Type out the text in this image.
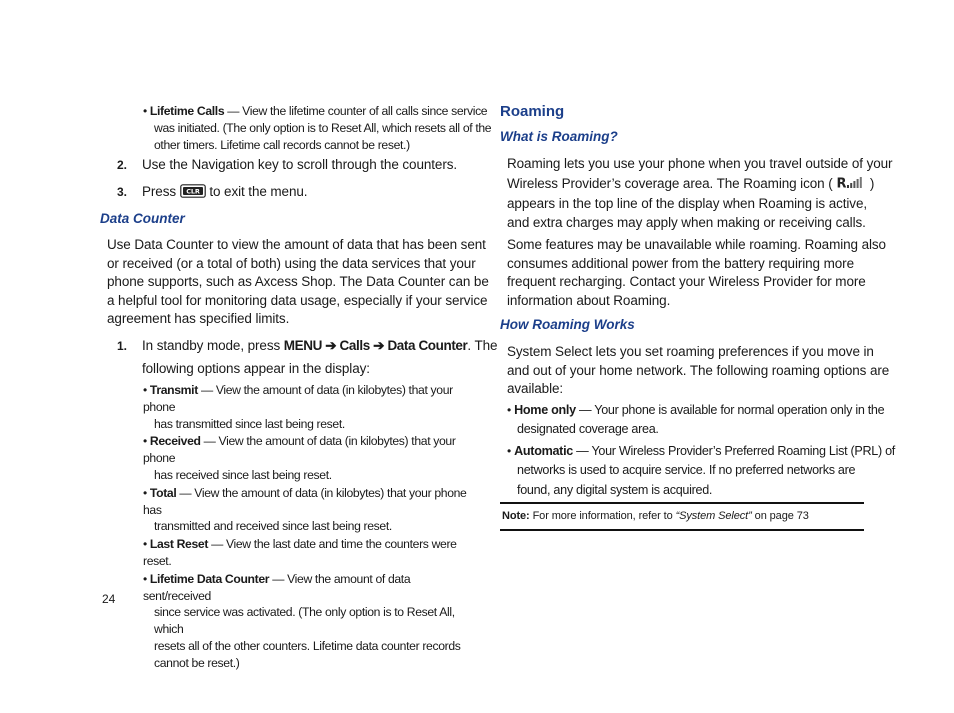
• Lifetime Calls — View the lifetime counter of all calls since service
was initiated. (The only option is to Reset All, which resets all of the
other timers. Lifetime call records cannot be reset.)
2. Use the Navigation key to scroll through the counters.
3. Press CLR to exit the menu.
Data Counter
Use Data Counter to view the amount of data that has been sent
or received (or a total of both) using the data services that your
phone supports, such as Axcess Shop. The Data Counter can be
a helpful tool for monitoring data usage, especially if your service
agreement has specified limits.
1. In standby mode, press MENU ➔ Calls ➔ Data Counter. The
following options appear in the display:
• Transmit — View the amount of data (in kilobytes) that your phone
has transmitted since last being reset.
• Received — View the amount of data (in kilobytes) that your phone
has received since last being reset.
• Total — View the amount of data (in kilobytes) that your phone has
transmitted and received since last being reset.
• Last Reset — View the last date and time the counters were reset.
• Lifetime Data Counter — View the amount of data sent/received
since service was activated. (The only option is to Reset All, which
resets all of the other counters. Lifetime data counter records
cannot be reset.)
24
Roaming
What is Roaming?
Roaming lets you use your phone when you travel outside of your
Wireless Provider’s coverage area. The Roaming icon ( R )
appears in the top line of the display when Roaming is active,
and extra charges may apply when making or receiving calls.
Some features may be unavailable while roaming. Roaming also
consumes additional power from the battery requiring more
frequent recharging. Contact your Wireless Provider for more
information about Roaming.
How Roaming Works
System Select lets you set roaming preferences if you move in
and out of your home network. The following roaming options are
available:
• Home only — Your phone is available for normal operation only in the
designated coverage area.
• Automatic — Your Wireless Provider’s Preferred Roaming List (PRL) of
networks is used to acquire service. If no preferred networks are
found, any digital system is acquired.
Note: For more information, refer to “System Select” on page 73
